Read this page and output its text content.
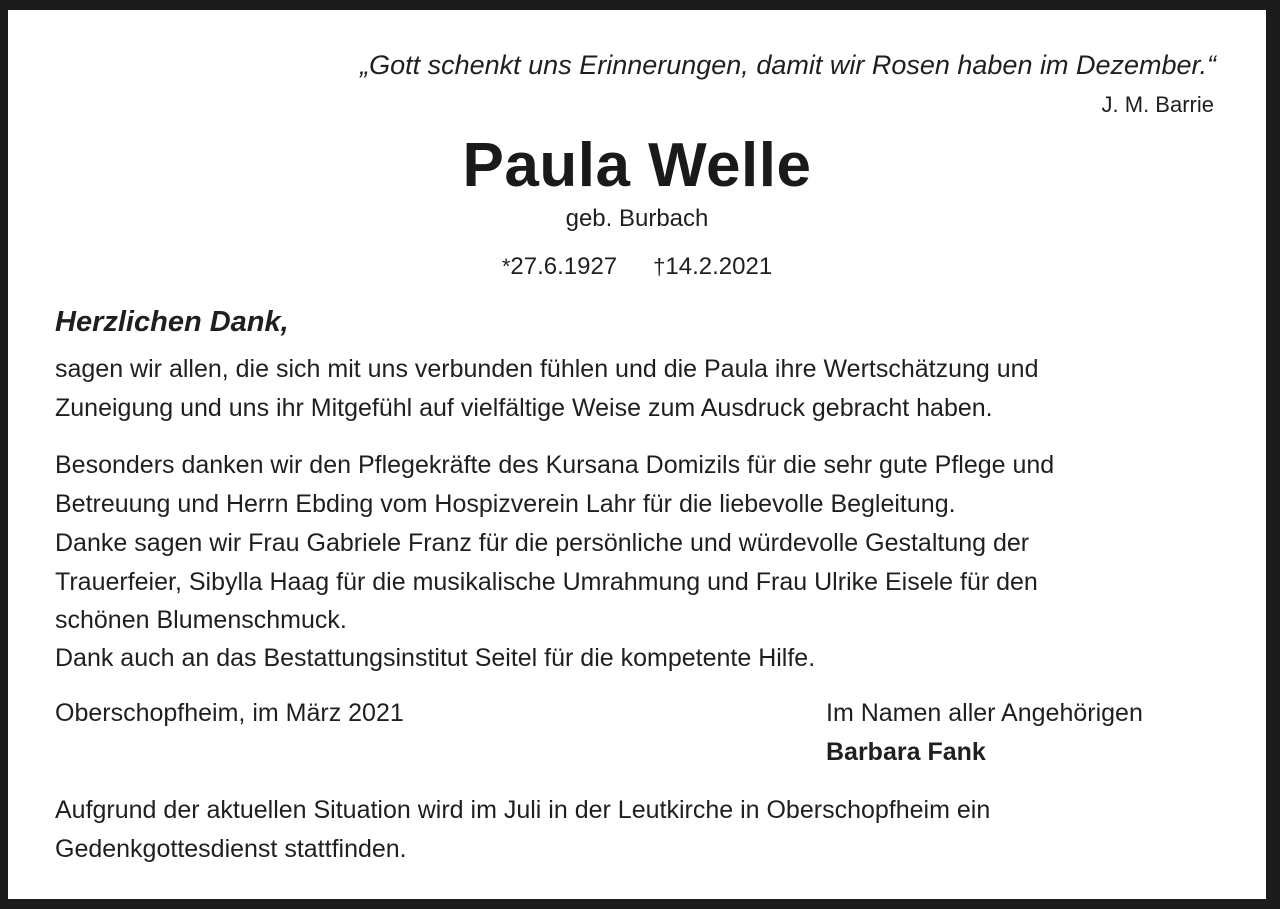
„Gott schenkt uns Erinnerungen, damit wir Rosen haben im Dezember.“
J. M. Barrie
Paula Welle
geb. Burbach
*27.6.1927 †14.2.2021
Herzlichen Dank,
sagen wir allen, die sich mit uns verbunden fühlen und die Paula ihre Wertschätzung und
Zuneigung und uns ihr Mitgefühl auf vielfältige Weise zum Ausdruck gebracht haben.
Besonders danken wir den Pflegekräfte des Kursana Domizils für die sehr gute Pflege und
Betreuung und Herrn Ebding vom Hospizverein Lahr für die liebevolle Begleitung.
Danke sagen wir Frau Gabriele Franz für die persönliche und würdevolle Gestaltung der
Trauerfeier, Sibylla Haag für die musikalische Umrahmung und Frau Ulrike Eisele für den
schönen Blumenschmuck.
Dank auch an das Bestattungsinstitut Seitel für die kompetente Hilfe.
Oberschopfheim, im März 2021	Im Namen aller Angehörigen
Barbara Fank
Aufgrund der aktuellen Situation wird im Juli in der Leutkirche in Oberschopfheim ein
Gedenkgottesdienst stattfinden.
